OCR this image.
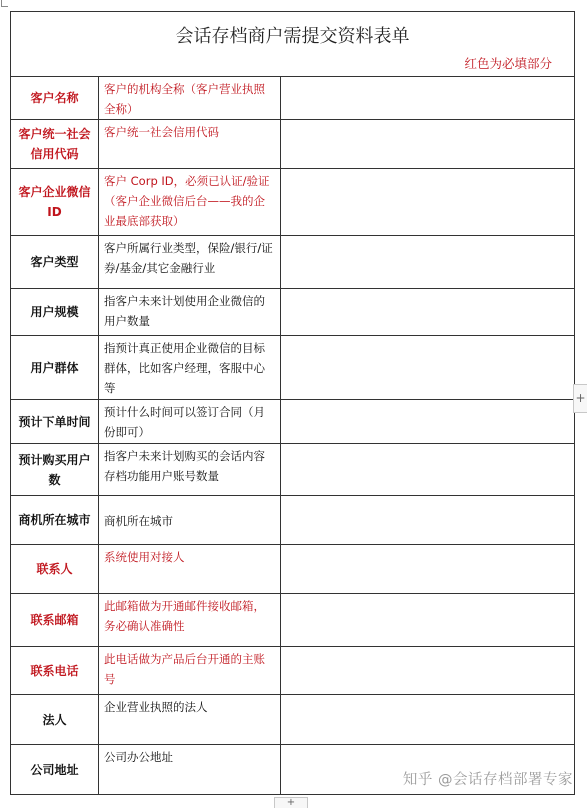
会话存档商户需提交资料表单
红色为必填部分		

客户名称	客户的机构全称（客户营业执照全称）	
客户统一社会信用代码	客户统一社会信用代码	
客户企业微信ID	客户 Corp ID，必须已认证/验证（客户企业微信后台——我的企业最底部获取）	
客户类型	客户所属行业类型，保险/银行/证券/基金/其它金融行业	
用户规模	指客户未来计划使用企业微信的用户数量	
用户群体	指预计真正使用企业微信的目标群体，比如客户经理，客服中心等	
预计下单时间	预计什么时间可以签订合同（月份即可）	
预计购买用户数	指客户未来计划购买的会话内容存档功能用户账号数量	
商机所在城市	商机所在城市	
联系人	系统使用对接人	
联系邮箱	此邮箱做为开通邮件接收邮箱，务必确认准确性	
联系电话	此电话做为产品后台开通的主账号	
法人	企业营业执照的法人	
公司地址	公司办公地址	
知乎 @会话存档部署专家
+
+
